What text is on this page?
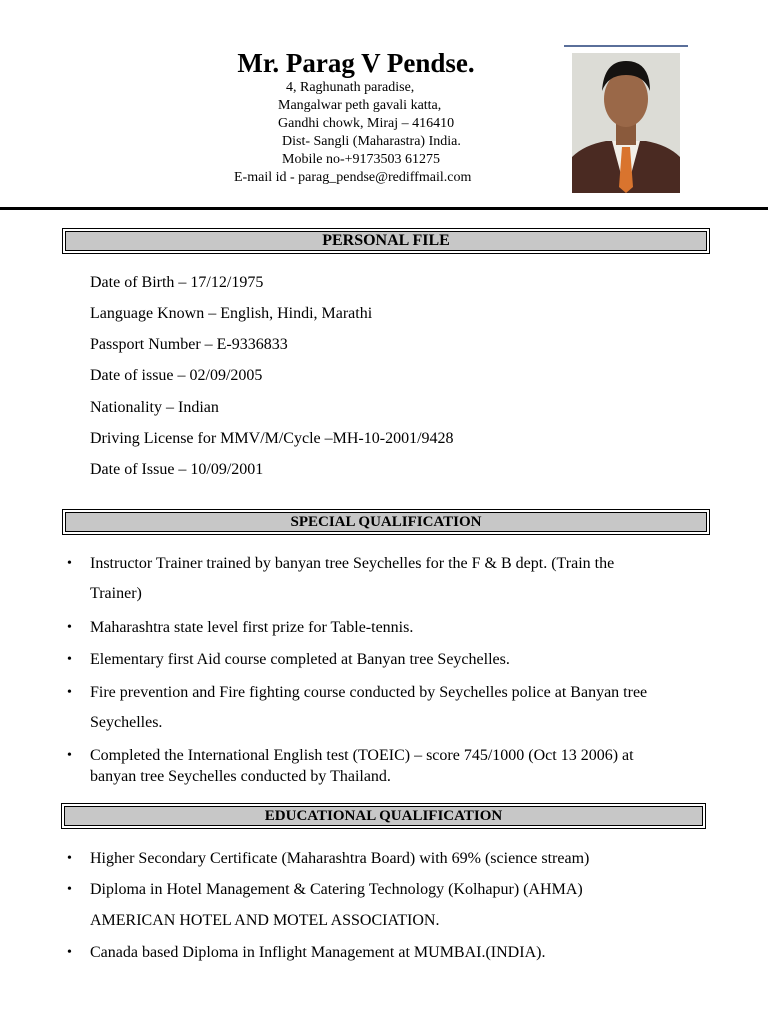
Mr. Parag V Pendse.
4, Raghunath paradise,
Mangalwar peth gavali katta,
Gandhi chowk, Miraj – 416410
Dist- Sangli (Maharastra) India.
Mobile no-+9173503 61275
E-mail id - parag_pendse@rediffmail.com
PERSONAL FILE
Date of Birth – 17/12/1975
Language Known – English, Hindi, Marathi
Passport Number – E-9336833
Date of issue – 02/09/2005
Nationality – Indian
Driving License for MMV/M/Cycle –MH-10-2001/9428
Date of Issue – 10/09/2001
SPECIAL QUALIFICATION
• Instructor Trainer trained by banyan tree Seychelles for the F & B dept. (Train the
Trainer)
• Maharashtra state level first prize for Table-tennis.
• Elementary first Aid course completed at Banyan tree Seychelles.
• Fire prevention and Fire fighting course conducted by Seychelles police at Banyan tree
Seychelles.
• Completed the International English test (TOEIC) – score 745/1000 (Oct 13 2006) at
banyan tree Seychelles conducted by Thailand.
EDUCATIONAL QUALIFICATION
• Higher Secondary Certificate (Maharashtra Board) with 69% (science stream)
• Diploma in Hotel Management & Catering Technology (Kolhapur) (AHMA)
AMERICAN HOTEL AND MOTEL ASSOCIATION.
• Canada based Diploma in Inflight Management at MUMBAI.(INDIA).
